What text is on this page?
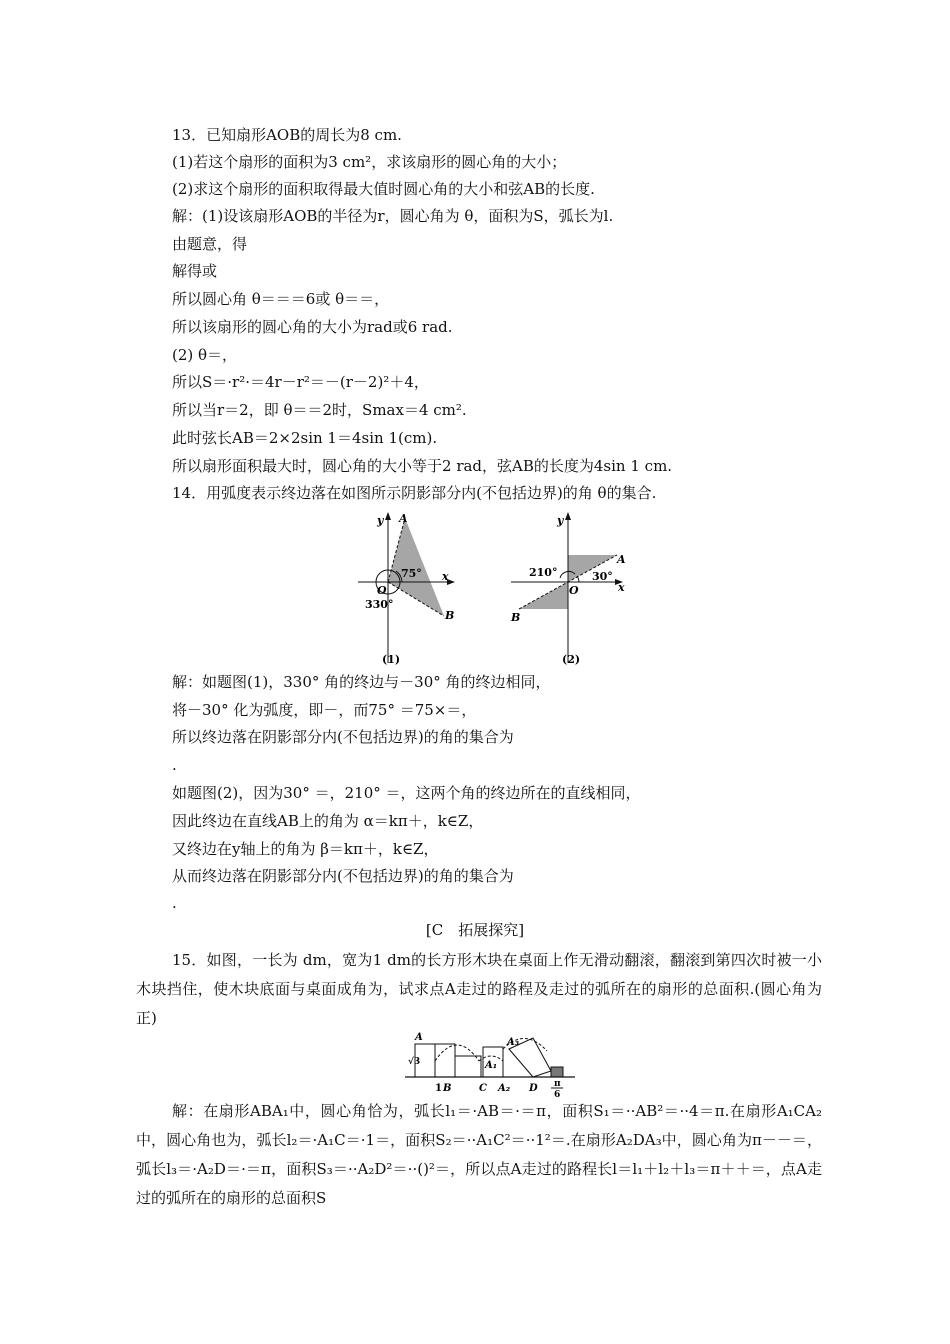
13．已知扇形AOB的周长为8 cm.
(1)若这个扇形的面积为3 cm²，求该扇形的圆心角的大小；
(2)求这个扇形的面积取得最大值时圆心角的大小和弦AB的长度.
解：(1)设该扇形AOB的半径为r，圆心角为 θ，面积为S，弧长为l.
由题意，得
解得或
所以圆心角 θ＝＝＝6或 θ＝＝，
所以该扇形的圆心角的大小为rad或6 rad.
(2) θ＝，
所以S＝·r²·＝4r－r²＝－(r－2)²＋4，
所以当r＝2，即 θ＝＝2时，Smax＝4 cm².
此时弦长AB＝2×2sin 1＝4sin 1(cm).
所以扇形面积最大时，圆心角的大小等于2 rad，弦AB的长度为4sin 1 cm.
14．用弧度表示终边落在如图所示阴影部分内(不包括边界)的角 θ的集合.
y A
x
O
75°
330°
B
(1)
y
A
210°	30°
x
O
B
(2)
解：如题图(1)，330° 角的终边与－30° 角的终边相同，
将－30° 化为弧度，即－，而75° ＝75×＝，
所以终边落在阴影部分内(不包括边界)的角的集合为
.
如题图(2)，因为30° ＝，210° ＝，这两个角的终边所在的直线相同，
因此终边在直线AB上的角为 α＝kπ＋，k∈Z，
又终边在y轴上的角为 β＝kπ＋，k∈Z，
从而终边落在阴影部分内(不包括边界)的角的集合为
.
[C　拓展探究]
15．如图，一长为 dm，宽为1 dm的长方形木块在桌面上作无滑动翻滚，翻滚到第四次时被一小木块挡住，使木块底面与桌面成角为，试求点A走过的路程及走过的弧所在的扇形的总面积.(圆心角为正)
A
√3
1 B	C
A₁
A₂
A₃
D π
6
解：在扇形ABA₁中，圆心角恰为，弧长l₁＝·AB＝·＝π，面积S₁＝··AB²＝··4＝π.在扇形A₁CA₂中，圆心角也为，弧长l₂＝·A₁C＝·1＝，面积S₂＝··A₁C²＝··1²＝.在扇形A₂DA₃中，圆心角为π－－＝，弧长l₃＝·A₂D＝·＝π，面积S₃＝··A₂D²＝··()²＝，所以点A走过的路程长l＝l₁＋l₂＋l₃＝π＋＋＝，点A走过的弧所在的扇形的总面积S
